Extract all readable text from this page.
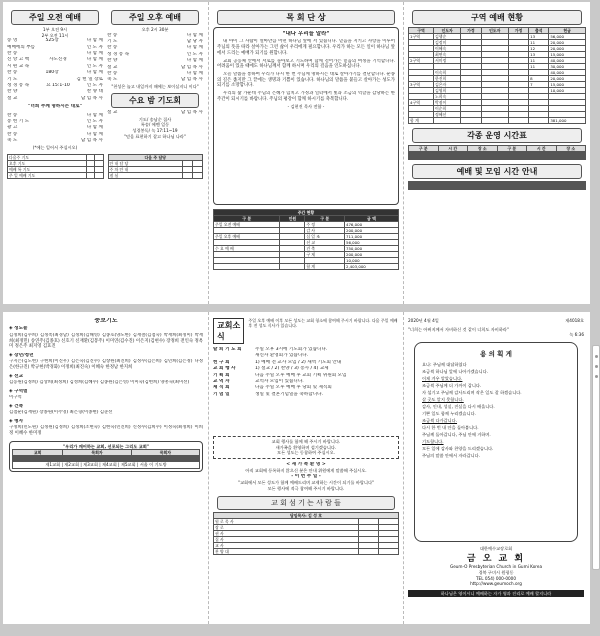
주일 오전 예배
1부 오전 9시
2부 오전 11시
송 영	525장	다 함 께
예배에의 부름	인 도 자
찬 송	다 함 께
신 앙 고 백	사도신경	다 함 께
시 편 교 독	인 도 자
찬 송	180장	다 함 께
기 도	김 헌 일 장로
성 경 봉 독	요 15:1-10	인 도 자
찬 양	찬 양 대
설 교	담 임 목 사
"너희 주께 명하시는 대로"
찬 송	다 함 께
봉 헌 기 도	인 도 자
광 고	다 함 께
찬 송	다 함 께
축 도	담 임 목 사
(*에는 일어서 주십시오)
주일 오후 예배
오후 2시 30분
찬 송	다 함 께
기 도	담 당 자
찬 송	다 함 께
성 경 봉 독	인 도 자
찬 양	다 함 께
설 교	담 임 목 사
찬 송	다 함 께
축 도	담 임 목 사
"천성은 늘고 내일까지 때에는 보이실지니 이다"
수요 밤 기도회
설 교	담 임 목 사
기도/ 송남순 집사
특송/ 에벤 일동
성경봉독/ 눅 17:11~19
"믿음 표현하기 잘고 하나님 나라"
다음주 기도		
오후 기도		
예배 특 기도		
주 일 예배 기도		
다음 주 담당		
안 내 담 당		
주 차 안 내		
점 심		
목 회 단 상
"내나 우리들 알라"

내 아이 그 사람이 얼마만큼 어떤 하나님 앞에 서 있습니다. 믿음을 지키고 사랑을 이루어 주님의 뜻을 따라 살아가는 그런 삶이 우리에게 필요합니다. 우리가 하는 모든 일이 하나님 앞에서 드리는 예배가 되기를 원합니다.

교회 공동체 안에서 서로를 돌아보고 기도하며 함께 걸어가는 믿음의 여정을 기억합니다. 어려움이 있을 때에도 하나님께서 함께 하시며 우리의 걸음을 인도하십니다.

오늘 말씀을 통하여 우리가 다시 한 번 주님께 명하시는 대로 살아가기를 결단합니다. 순종의 길은 좁지만 그 끝에는 생명과 기쁨이 있습니다. 하나님의 말씀을 붙들고 살아가는 성도가 되기를 소망합니다.

우리의 삶 가운데 주님의 은혜가 넘치고 가정과 일터에서 빛과 소금의 역할을 감당하는 한 주간이 되시기를 바랍니다. 주님의 평강이 함께 하시기를 축복합니다.

- 김현진 목사 전합 -
주간 현황			
구 분	인원	구 분	금 액
주일 오전 예배		주 정	476,000
		감 사	200,000
주일 오후 예배		십 일 조	711,000
		선 교	56,000
수 요 예 배		건 축	750,000
		구 제	200,000
			10,000
		합 계	2,403,000
구역 예배 현황
구역	인도자	가정	인도자	가정	출석	헌금
1구역	김행순				13	56,000
	김정미				11	20,000
	이혜숙				12	20,000
	최연숙				13	15,000
2구역	서미정				11	40,000
					11	30,000
	이숙희					40,000
	한진희				8	20,000
3구역	김은자				7	15,000
	김영희					10,000
	노희숙					
4구역	박점이					
	이순희					
	정혜선					
합 계						381,000
각종 운영 시간표
구 분	시 간	장 소	구 분	시 간	장 소

예배 및 모임 시간 안내

중보기도
◈ 성도들
김정희(김수희) 김정옥(최경남) 김정희(김해영) 김종호(양도한) 김재철(김점숙) 박재희(최정미) 박재희(최정민) 송연주(김종호) 신호기 신재환(김봉주) 이미연(김수진) 이은지(김현수) 장정희 전인숙 정옥미 정은주 최지영 김효진
◈ 장년/청년
구지은(김도현) 구현희(이진우) 김은숙(김진수) 김창원(최진희) 김정수(김은희) 김민희(김은정) 나정은(한규진) 박규현(박경화) 이정희(최진숙) 이혜숙 한정남 한지희
◈ 선교
김동원(김정희) 김상희(최정희) 김성희(김혜수) 김종원(김은영) 이미숙(김현희) 양흥숙(최미선)
◈ 구역별
이구역
◈ 건축
김점순(김재원) 장종원(이주영) 최은형(이종현) 김준선
◈ 병자
구정희(민도원) 김정원(김정희) 김정희(조현숙) 김현숙(민진희) 신정수(김희수) 이정숙(최정희) 이희정 이혜수 한미정
"우리가 깨어하는 교회, 선포되는 그리도 교회"
교회	목회자	목회자

제1교회 | 제2교회 | 제3교회 | 제4교회 | 제5교회 | 서울 이 기도방
교회소식
주일 오후 예배 이후 모든 성도는 교회 청소에 참여해 주시기 바랍니다. 다음 주일 예배 후 전 성도 식사가 있습니다.
탈 퇴 기 도 회	주일 오후 3시에 기도회가 있습니다.
새신자 환영회가 있습니다.
헌 구 회	1) 예배 전 교사 모임 / 2) 새벽 기도회 안내
교 회 행 사	1) 설교 / 2) 찬양 / 3) 봉사 / 4) 교제
기 획 회	다음 주일 오후 예배 후 교회 기획 위원회 모임
교 역 자	교역자 모임이 있습니다.
제 직 회	다음 주일 오후 예배 후 당회 및 제직회
기 념 일	생일 및 결혼기념일을 축하합니다.
교회 행사를 함께 해 주시기 바랍니다.
새가족을 환영하며 섬기겠습니다.
모든 성도는 동참하여 주십시오.
< 새 가 족 환 영 >
아직 교회에 등록하지 않으신 분은 안내 위원에게 말씀해 주십시오.
- 이 번 주 일 -
"교회에서 모든 성도가 함께 예배드리며 교제하는 시간이 되기를 바랍니다"
모든 행사에 적극 참여해 주시기 바랍니다.
교 회 섬 기 는 사 람 들
담임목사: 김 성 호		
원 로 목 사		
장 로		
권 사		
집 사		
교 사		
찬 양 대		
2020년 4월 4일	제4018호
"너희는 아버지께서 자비하신 것 같이 너희도 자비하라"
눅 6:36
용 의 획 게
요나: 주님께 대답하였다
조금씩 하나님 앞에 나아가겠습니다.
이제 겨우 알았습니다.
조금씩 주님께 더 가까이 갑니다.
자 섬기고 주님께 감사드리며 작은 일도 잘 하겠습니다.
살 곳도 알지 못합니다.
감사, 인내, 성실, 진실을 다시 배웁니다.
기쁜 일도 함께 누리겠습니다.
조금씩 다가갑니다.
다시 한 번 내 안을 돌아봅니다.
주님께 돌아갑니다, 주님 안에 거하며.
기도합니다.
모든 일에 감사와 찬양을 드리겠습니다.
주님의 말씀 안에서 자라갑니다.
대한예수교장로회
금 오 교 회
Geum-O Presbyterian Church in Gumi Korea
경북 구미시 원평동
TEL 054) 000-0000
http://www.geumoch.org
하나님은 영이시니 예배하는 자가 영과 진리로 예배 할지니라
